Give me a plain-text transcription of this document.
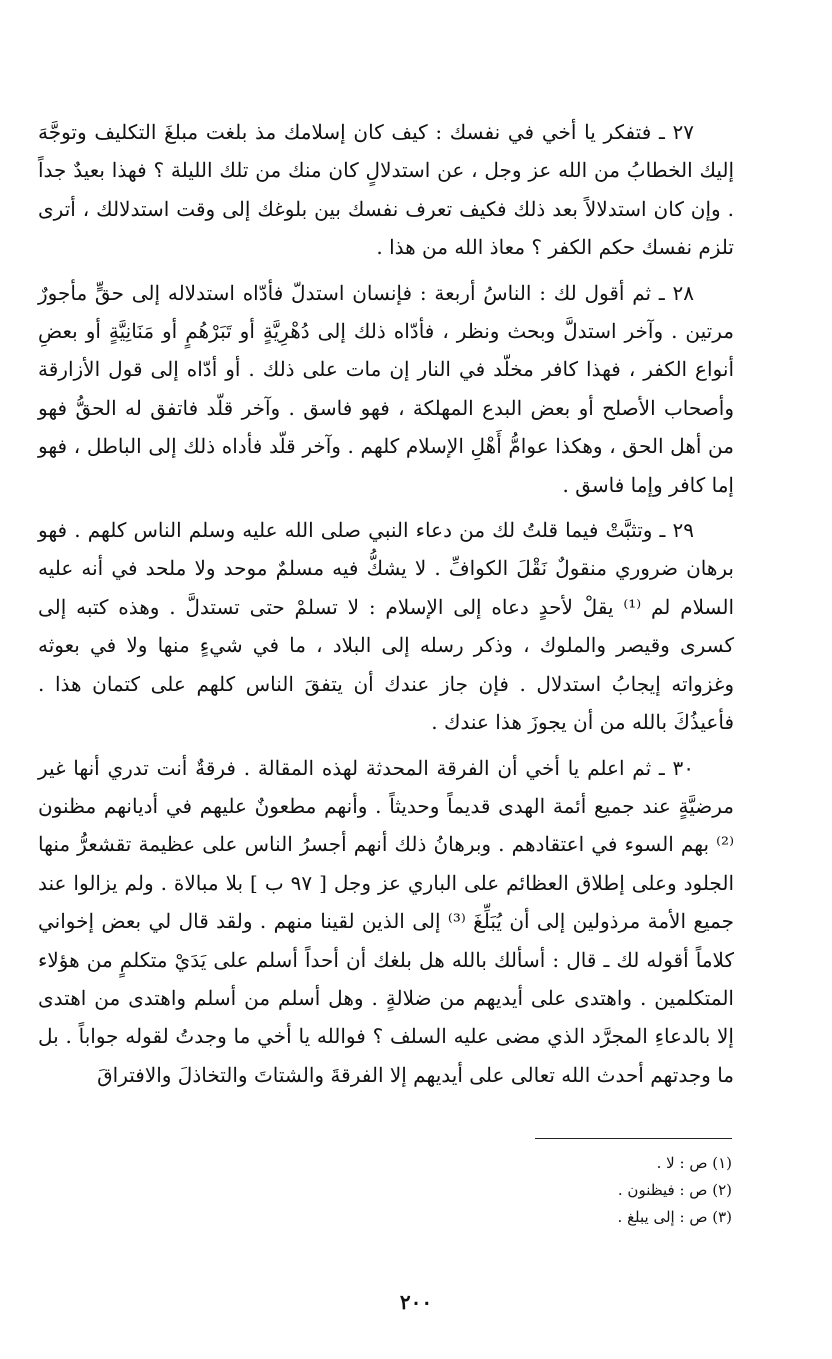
٢٧ ـ فتفكر يا أخي في نفسك : كيف كان إسلامك مذ بلغت مبلغَ التكليف وتوجَّهَ إليك الخطابُ من الله عز وجل ، عن استدلالٍ كان منك من تلك الليلة ؟ فهذا بعيدٌ جداً . وإن كان استدلالاً بعد ذلك فكيف تعرف نفسك بين بلوغك إلى وقت استدلالك ، أترى تلزم نفسك حكم الكفر ؟ معاذ الله من هذا .

٢٨ ـ ثم أقول لك : الناسُ أربعة : فإنسان استدلّ فأدّاه استدلاله إلى حقٍّ مأجورٌ مرتين . وآخر استدلَّ وبحث ونظر ، فأدّاه ذلك إلى دُهْرِيَّةٍ أو تَبَرْهُمٍ أو مَنَانِيَّةٍ أو بعضِ أنواع الكفر ، فهذا كافر مخلّد في النار إن مات على ذلك . أو أدّاه إلى قول الأزارقة وأصحاب الأصلح أو بعض البدع المهلكة ، فهو فاسق . وآخر قلّد فاتفق له الحقُّ فهو من أهل الحق ، وهكذا عوامُّ أَهْلِ الإسلام كلهم . وآخر قلّد فأداه ذلك إلى الباطل ، فهو إما كافر وإما فاسق .

٢٩ ـ وتثبَّتْ فيما قلتُ لك من دعاء النبي صلى الله عليه وسلم الناس كلهم . فهو برهان ضروري منقولٌ نَقْلَ الكوافِّ . لا يشكُّ فيه مسلمٌ موحد ولا ملحد في أنه عليه السلام لم ⁽¹⁾ يقلْ لأحدٍ دعاه إلى الإسلام : لا تسلمْ حتى تستدلَّ . وهذه كتبه إلى كسرى وقيصر والملوك ، وذكر رسله إلى البلاد ، ما في شيءٍ منها ولا في بعوثه وغزواته إيجابُ استدلال . فإن جاز عندك أن يتفقَ الناس كلهم على كتمان هذا . فأعيذُكَ بالله من أن يجوزَ هذا عندك .

٣٠ ـ ثم اعلم يا أخي أن الفرقة المحدثة لهذه المقالة . فرقةٌ أنت تدري أنها غير مرضيَّةٍ عند جميع أئمة الهدى قديماً وحديثاً . وأنهم مطعونٌ عليهم في أديانهم مظنون ⁽²⁾ بهم السوء في اعتقادهم . وبرهانُ ذلك أنهم أجسرُ الناس على عظيمة تقشعرُّ منها الجلود وعلى إطلاق العظائم على الباري عز وجل [ ٩٧ ب ] بلا مبالاة . ولم يزالوا عند جميع الأمة مرذولين إلى أن يُبَلِّغَ ⁽³⁾ إلى الذين لقينا منهم . ولقد قال لي بعض إخواني كلاماً أقوله لك ـ قال : أسألك بالله هل بلغك أن أحداً أسلم على يَدَيْ متكلمٍ من هؤلاء المتكلمين . واهتدى على أيديهم من ضلالةٍ . وهل أسلم من أسلم واهتدى من اهتدى إلا بالدعاءِ المجرَّد الذي مضى عليه السلف ؟ فوالله يا أخي ما وجدتُ لقوله جواباً . بل ما وجدتهم أحدث الله تعالى على أيديهم إلا الفرقةَ والشتاتَ والتخاذلَ والافتراقَ

(١) ص : لا .
(٢) ص : فيظنون .
(٣) ص : إلى يبلغ .
٢٠٠
